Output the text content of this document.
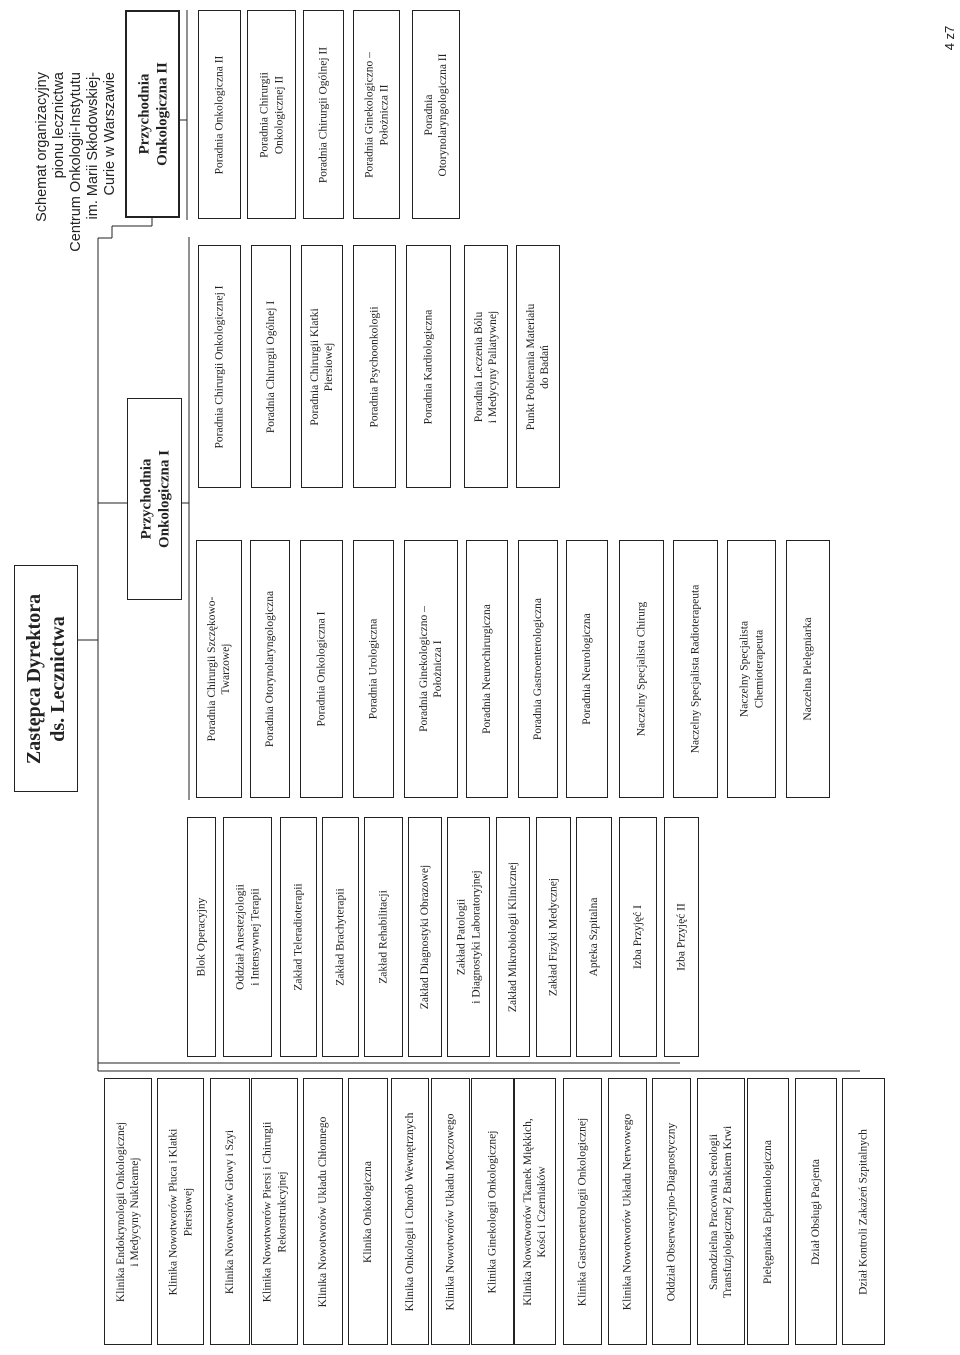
Schemat organizacyjny pionu lecznictwa
Centrum Onkologii-Instytutu
im. Marii Skłodowskiej-Curie w Warszawie
4 z7
Zastępca Dyrektora
ds. Lecznictwa
Przychodnia
Onkologiczna I
Przychodnia
Onkologiczna II
Klinika Endokrynologii Onkologicznej
i Medycyny Nuklearnej
Klinika Nowotworów Płuca i Klatki
Piersiowej	Klinika Nowotworów Głowy i Szyi	Klinika Nowotworów Piersi i Chirurgii
Rekonstrukcyjnej	Klinika Nowotworów Układu Chłonnego	Klinika Onkologiczna	Klinika Onkologii i Chorób Wewnętrznych	Klinika Nowotworów Układu Moczowego	Klinika Ginekologii Onkologicznej	Klinika Nowotworów Tkanek Miękkich,
Kości i Czerniaków	Klinika Gastroenterologii Onkologicznej	Klinika Nowotworów Układu Nerwowego	Oddział Obserwacyjno-Diagnostyczny	Samodzielna Pracownia Serologii
Transfuzjologicznej Z Bankiem Krwi
Pielęgniarka Epidemiologiczna	Dział Obsługi Pacjenta	Dział Kontroli Zakażeń Szpitalnych
Blok Operacyjny	Oddział Anestezjologii
i Intensywnej Terapii	Zakład Teleradioterapii	Zakład Brachyterapii	Zakład Rehabilitacji	Zakład Diagnostyki Obrazowej	Zakład Patologii
i Diagnostyki Laboratoryjnej	Zakład Mikrobiologii Klinicznej	Zakład Fizyki Medycznej	Apteka Szpitalna	Izba Przyjęć I	Izba Przyjęć II
Poradnia Chirurgii Szczękowo-
Twarzowej	Poradnia Otorynolaryngologiczna	Poradnia Onkologiczna I	Poradnia Urologiczna	Poradnia Ginekologiczno –
Położnicza I	Poradnia Neurochirurgiczna	Poradnia Gastroenterologiczna	Poradnia Neurologiczna	Naczelny Specjalista Chirurg	Naczelny Specjalista Radioterapeuta	Naczelny Specjalista
Chemioterapeuta	Naczelna Pielęgniarka
Poradnia Chirurgii Onkologicznej I	Poradnia Chirurgii Ogólnej I	Poradnia Chirurgii Klatki
Piersiowej	Poradnia Psychoonkologii	Poradnia Kardiologiczna	Poradnia Leczenia Bólu
i Medycyny Paliatywnej
Punkt Pobierania Materiału
do Badań
Poradnia Onkologiczna II	Poradnia Chirurgii
Onkologicznej II	Poradnia Chirurgii Ogólnej II	Poradnia Ginekologiczno –
Położnicza II
Poradnia
Otorynolaryngologiczna II
